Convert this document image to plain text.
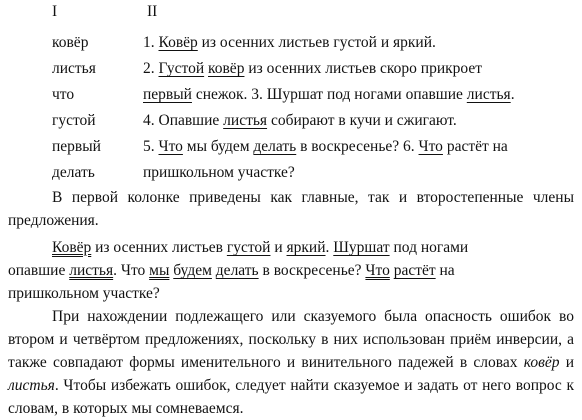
I	II
ковёр
листья
что
густой
первый
делать
1. Ковёр из осенних листьев густой и яркий.
2. Густой ковёр из осенних листьев скоро прикроет
первый снежок. 3. Шуршат под ногами опавшие листья.
4. Опавшие листья собирают в кучи и сжигают.
5. Что мы будем делать в воскресенье? 6. Что растёт на
пришкольном участке?
В первой колонке приведены как главные, так и второстепенные члены предложения.
Ковёр из осенних листьев густой и яркий. Шуршат под ногами
опавшие листья. Что мы будем делать в воскресенье? Что растёт на
пришкольном участке?
При нахождении подлежащего или сказуемого была опасность ошибок во втором и четвёртом предложениях, поскольку в них использован приём инверсии, а также совпадают формы именительного и винительного падежей в словах ковёр и листья. Чтобы избежать ошибок, следует найти сказуемое и задать от него вопрос к словам, в которых мы сомневаемся.
